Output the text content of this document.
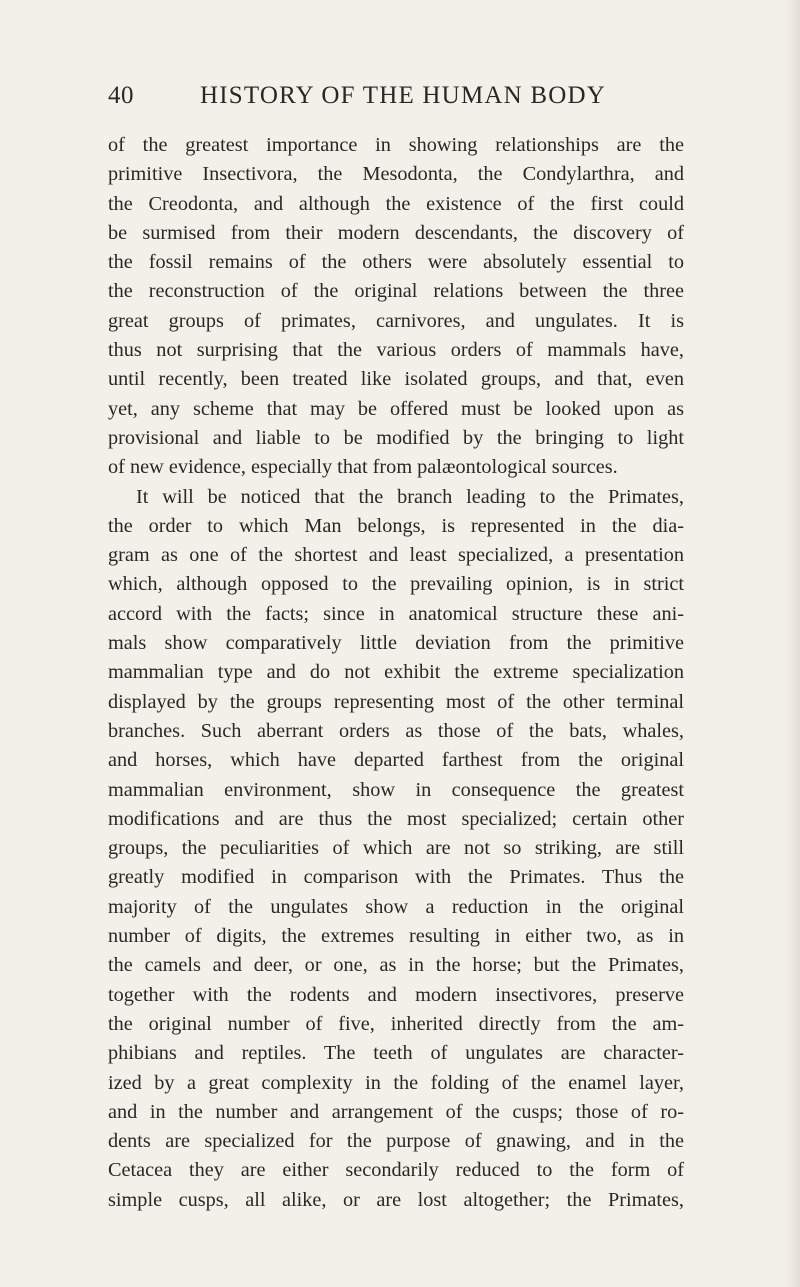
40	HISTORY OF THE HUMAN BODY
of the greatest importance in showing relationships are the
primitive Insectivora, the Mesodonta, the Condylarthra, and
the Creodonta, and although the existence of the first could
be surmised from their modern descendants, the discovery of
the fossil remains of the others were absolutely essential to
the reconstruction of the original relations between the three
great groups of primates, carnivores, and ungulates. It is
thus not surprising that the various orders of mammals have,
until recently, been treated like isolated groups, and that, even
yet, any scheme that may be offered must be looked upon as
provisional and liable to be modified by the bringing to light
of new evidence, especially that from palæontological sources.
It will be noticed that the branch leading to the Primates,
the order to which Man belongs, is represented in the dia-
gram as one of the shortest and least specialized, a presentation
which, although opposed to the prevailing opinion, is in strict
accord with the facts; since in anatomical structure these ani-
mals show comparatively little deviation from the primitive
mammalian type and do not exhibit the extreme specialization
displayed by the groups representing most of the other terminal
branches. Such aberrant orders as those of the bats, whales,
and horses, which have departed farthest from the original
mammalian environment, show in consequence the greatest
modifications and are thus the most specialized; certain other
groups, the peculiarities of which are not so striking, are still
greatly modified in comparison with the Primates. Thus the
majority of the ungulates show a reduction in the original
number of digits, the extremes resulting in either two, as in
the camels and deer, or one, as in the horse; but the Primates,
together with the rodents and modern insectivores, preserve
the original number of five, inherited directly from the am-
phibians and reptiles. The teeth of ungulates are character-
ized by a great complexity in the folding of the enamel layer,
and in the number and arrangement of the cusps; those of ro-
dents are specialized for the purpose of gnawing, and in the
Cetacea they are either secondarily reduced to the form of
simple cusps, all alike, or are lost altogether; the Primates,
